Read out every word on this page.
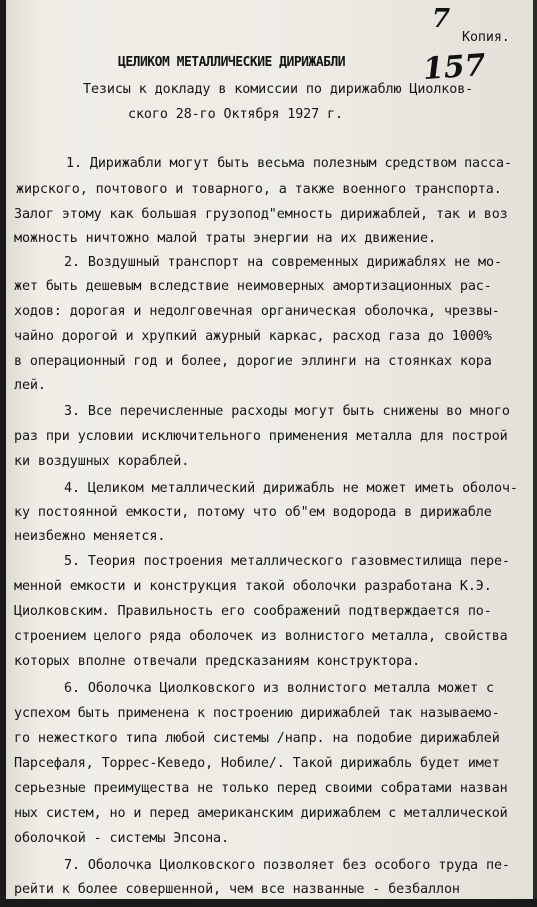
7
157
Копия.
ЦЕЛИКОМ МЕТАЛЛИЧЕСКИЕ ДИРИЖАБЛИ
Тезисы к докладу в комиссии по дирижаблю Циолков-
ского 28-го Октября 1927 г.
1. Дирижабли могут быть весьма полезным средством пасса-
жирского, почтового и товарного, а также военного транспорта.
Залог этому как большая грузопод"емность дирижаблей, так и воз
можность ничтожно малой траты энергии на их движение.
2. Воздушный транспорт на современных дирижаблях не мо-
жет быть дешевым вследствие неимоверных амортизационных рас-
ходов: дорогая и недолговечная органическая оболочка, чрезвы-
чайно дорогой и хрупкий ажурный каркас, расход газа до 1000%
в операционный год и более, дорогие эллинги на стоянках кора
лей.
3. Все перечисленные расходы могут быть снижены во много
раз при условии исключительного применения металла для построй
ки воздушных кораблей.
4. Целиком металлический дирижабль не может иметь оболоч-
ку постоянной емкости, потому что об"ем водорода в дирижабле
неизбежно меняется.
5. Теория построения металлического газовместилища пере-
менной емкости и конструкция такой оболочки разработана К.Э.
Циолковским. Правильность его соображений подтверждается по-
строением целого ряда оболочек из волнистого металла, свойства
которых вполне отвечали предсказаниям конструктора.
6. Оболочка Циолковского из волнистого металла может с
успехом быть применена к построению дирижаблей так называемо-
го нежесткого типа любой системы /напр. на подобие дирижаблей
Парсефаля, Торрес-Кеведо, Нобиле/. Такой дирижабль будет имет
серьезные преимущества не только перед своими собратами назван
ных систем, но и перед американским дирижаблем с металлической
оболочкой - системы Эпсона.
7. Оболочка Циолковского позволяет без особого труда пе-
рейти к более совершенной, чем все названные - безбаллон
